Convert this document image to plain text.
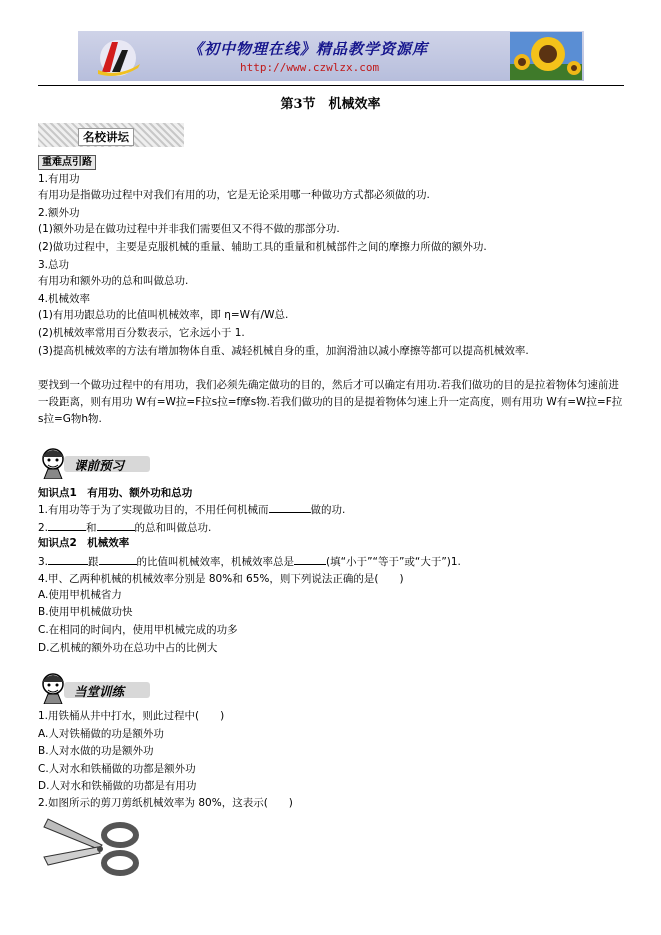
《初中物理在线》精品教学资源库
http://www.czwlzx.com
第3节　机械效率
名校讲坛
重难点引路
1.有用功
有用功是指做功过程中对我们有用的功，它是无论采用哪一种做功方式都必须做的功.
2.额外功
(1)额外功是在做功过程中并非我们需要但又不得不做的那部分功.
(2)做功过程中，主要是克服机械的重量、辅助工具的重量和机械部件之间的摩擦力所做的额外功.
3.总功
有用功和额外功的总和叫做总功.
4.机械效率
(1)有用功跟总功的比值叫机械效率，即 η=W有/W总.
(2)机械效率常用百分数表示，它永远小于 1.
(3)提高机械效率的方法有增加物体自重、减轻机械自身的重，加润滑油以减小摩擦等都可以提高机械效率.
要找到一个做功过程中的有用功，我们必须先确定做功的目的，然后才可以确定有用功.若我们做功的目的是拉着物体匀速前进一段距离，则有用功 W有=W拉=F拉s拉=f摩s物.若我们做功的目的是提着物体匀速上升一定高度，则有用功 W有=W拉=F拉s拉=G物h物.
课前预习
知识点1　有用功、额外功和总功
1.有用功等于为了实现做功目的，不用任何机械而	做的功.
2.	和	的总和叫做总功.
知识点2　机械效率
3.	跟	的比值叫机械效率，机械效率总是	(填“小于”“等于”或“大于”)1.
4.甲、乙两种机械的机械效率分别是 80%和 65%，则下列说法正确的是(　　)
A.使用甲机械省力
B.使用甲机械做功快
C.在相同的时间内，使用甲机械完成的功多
D.乙机械的额外功在总功中占的比例大
当堂训练
1.用铁桶从井中打水，则此过程中(　　)
A.人对铁桶做的功是额外功
B.人对水做的功是额外功
C.人对水和铁桶做的功都是额外功
D.人对水和铁桶做的功都是有用功
2.如图所示的剪刀剪纸机械效率为 80%，这表示(　　)
